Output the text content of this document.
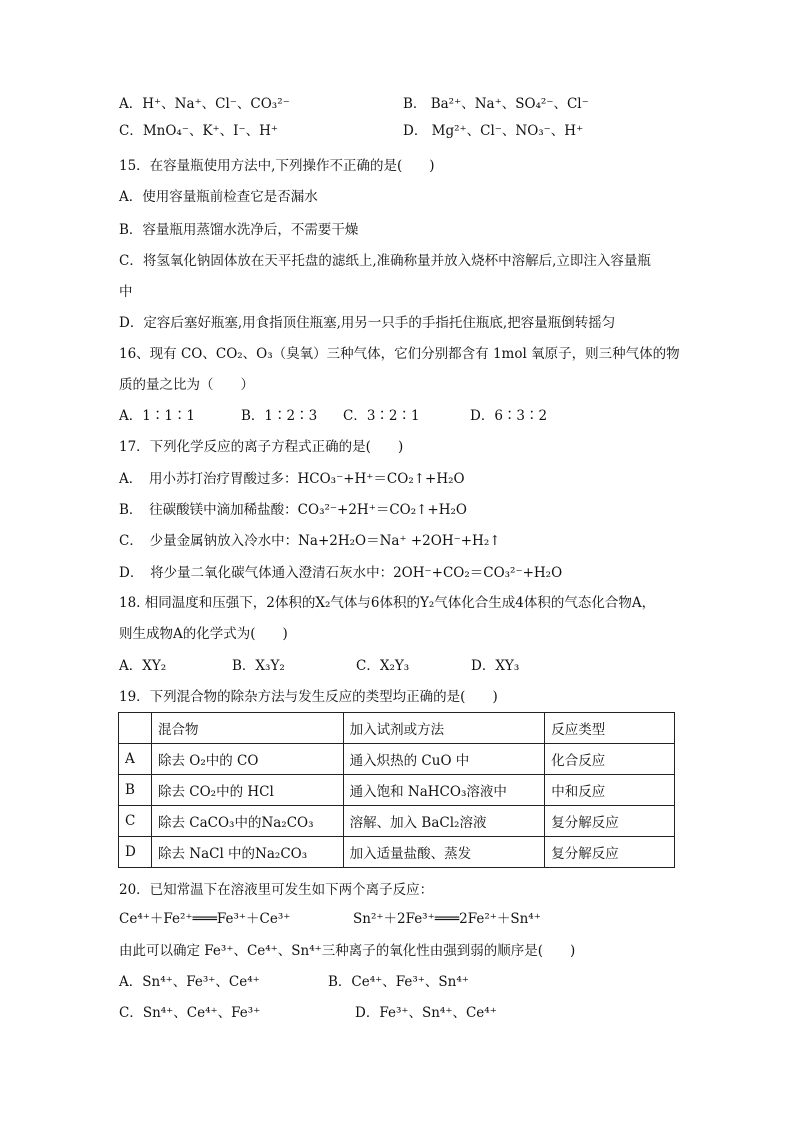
A．H⁺、Na⁺、Cl⁻、CO₃²⁻	B． Ba²⁺、Na⁺、SO₄²⁻、Cl⁻
C．MnO₄⁻、K⁺、I⁻、H⁺	D． Mg²⁺、Cl⁻、NO₃⁻、H⁺
15．在容量瓶使用方法中,下列操作不正确的是(　　)
A．使用容量瓶前检查它是否漏水
B．容量瓶用蒸馏水洗净后，不需要干燥
C．将氢氧化钠固体放在天平托盘的滤纸上,准确称量并放入烧杯中溶解后,立即注入容量瓶
中
D．定容后塞好瓶塞,用食指顶住瓶塞,用另一只手的手指托住瓶底,把容量瓶倒转摇匀
16、现有 CO、CO₂、O₃（臭氧）三种气体，它们分别都含有 1mol 氧原子，则三种气体的物
质的量之比为（　　）
A．1∶1∶1	B．1∶2∶3 C．3∶2∶1	D．6∶3∶2
17．下列化学反应的离子方程式正确的是(　　)
A．　用小苏打治疗胃酸过多：HCO₃⁻+H⁺＝CO₂↑+H₂O
B．　往碳酸镁中滴加稀盐酸：CO₃²⁻+2H⁺＝CO₂↑+H₂O
C．　少量金属钠放入冷水中：Na+2H₂O＝Na⁺ +2OH⁻+H₂↑
D．　将少量二氧化碳气体通入澄清石灰水中：2OH⁻+CO₂＝CO₃²⁻+H₂O
18. 相同温度和压强下，2体积的X₂气体与6体积的Y₂气体化合生成4体积的气态化合物A，
则生成物A的化学式为(　　)
A．XY₂	B．X₃Y₂	C．X₂Y₃	D．XY₃
19．下列混合物的除杂方法与发生反应的类型均正确的是(　　)
	混合物	加入试剂或方法	反应类型
A	除去 O₂中的 CO	通入炽热的 CuO 中	化合反应
B	除去 CO₂中的 HCl	通入饱和 NaHCO₃溶液中	中和反应
C	除去 CaCO₃中的Na₂CO₃	溶解、加入 BaCl₂溶液	复分解反应
D	除去 NaCl 中的Na₂CO₃	加入适量盐酸、蒸发	复分解反应
20．已知常温下在溶液里可发生如下两个离子反应：
Ce⁴⁺＋Fe²⁺═══Fe³⁺＋Ce³⁺	Sn²⁺＋2Fe³⁺═══2Fe²⁺＋Sn⁴⁺
由此可以确定 Fe³⁺、Ce⁴⁺、Sn⁴⁺三种离子的氧化性由强到弱的顺序是(　　)
A．Sn⁴⁺、Fe³⁺、Ce⁴⁺	B．Ce⁴⁺、Fe³⁺、Sn⁴⁺
C．Sn⁴⁺、Ce⁴⁺、Fe³⁺	D．Fe³⁺、Sn⁴⁺、Ce⁴⁺
